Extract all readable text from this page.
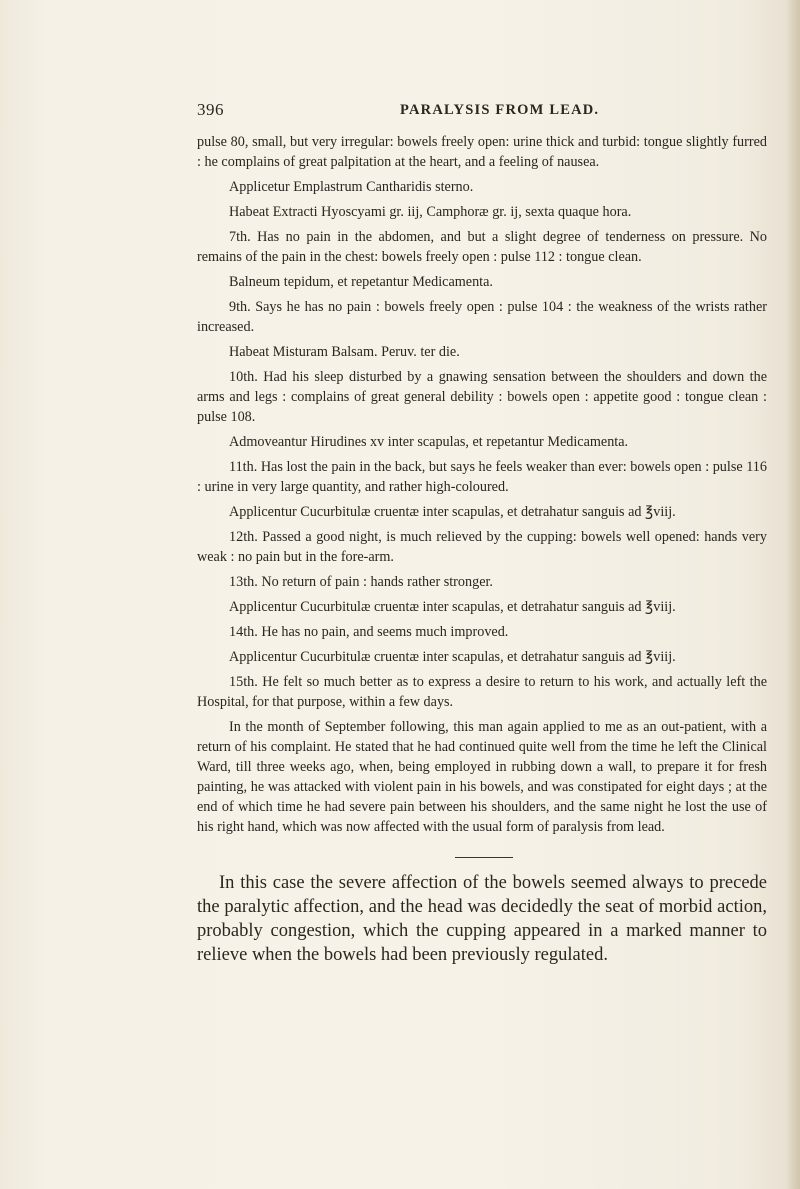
396	PARALYSIS FROM LEAD.

pulse 80, small, but very irregular: bowels freely open: urine thick and turbid: tongue slightly furred : he complains of great palpitation at the heart, and a feeling of nausea.

Applicetur Emplastrum Cantharidis sterno.

Habeat Extracti Hyoscyami gr. iij, Camphoræ gr. ij, sexta quaque hora.

7th. Has no pain in the abdomen, and but a slight degree of tenderness on pressure. No remains of the pain in the chest: bowels freely open : pulse 112 : tongue clean.

Balneum tepidum, et repetantur Medicamenta.

9th. Says he has no pain : bowels freely open : pulse 104 : the weakness of the wrists rather increased.

Habeat Misturam Balsam. Peruv. ter die.

10th. Had his sleep disturbed by a gnawing sensation between the shoulders and down the arms and legs : complains of great general debility : bowels open : appetite good : tongue clean : pulse 108.

Admoveantur Hirudines xv inter scapulas, et repetantur Medicamenta.

11th. Has lost the pain in the back, but says he feels weaker than ever: bowels open : pulse 116 : urine in very large quantity, and rather high-coloured.

Applicentur Cucurbitulæ cruentæ inter scapulas, et detrahatur sanguis ad ℥viij.

12th. Passed a good night, is much relieved by the cupping: bowels well opened: hands very weak : no pain but in the fore-arm.

13th. No return of pain : hands rather stronger.

Applicentur Cucurbitulæ cruentæ inter scapulas, et detrahatur sanguis ad ℥viij.

14th. He has no pain, and seems much improved.

Applicentur Cucurbitulæ cruentæ inter scapulas, et detrahatur sanguis ad ℥viij.

15th. He felt so much better as to express a desire to return to his work, and actually left the Hospital, for that purpose, within a few days.

In the month of September following, this man again applied to me as an out-patient, with a return of his complaint. He stated that he had continued quite well from the time he left the Clinical Ward, till three weeks ago, when, being employed in rubbing down a wall, to prepare it for fresh painting, he was attacked with violent pain in his bowels, and was constipated for eight days ; at the end of which time he had severe pain between his shoulders, and the same night he lost the use of his right hand, which was now affected with the usual form of paralysis from lead.

In this case the severe affection of the bowels seemed always to precede the paralytic affection, and the head was decidedly the seat of morbid action, probably congestion, which the cupping appeared in a marked manner to relieve when the bowels had been previously regulated.
